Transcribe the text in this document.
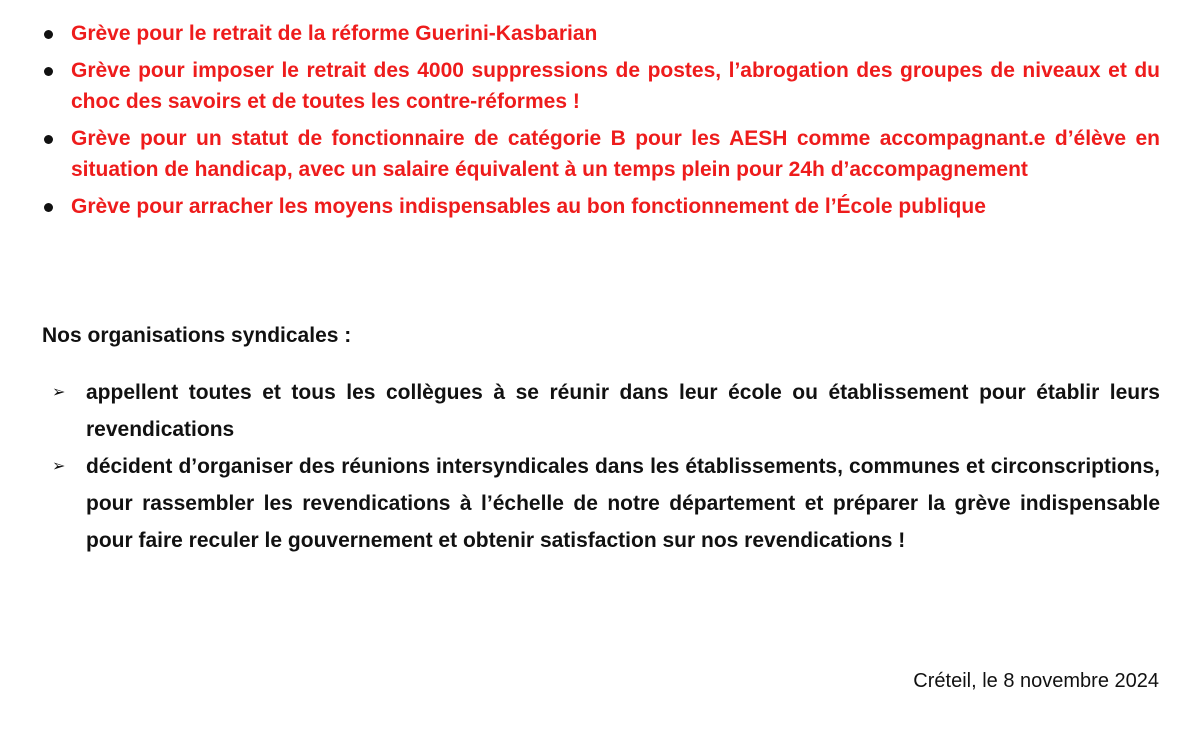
Grève pour le retrait de la réforme Guerini-Kasbarian
Grève pour imposer le retrait des 4000 suppressions de postes, l’abrogation des groupes de niveaux et du choc des savoirs et de toutes les contre-réformes !
Grève pour un statut de fonctionnaire de catégorie B pour les AESH comme accompagnant.e d’élève en situation de handicap, avec un salaire équivalent à un temps plein pour 24h d’accompagnement
Grève pour arracher les moyens indispensables au bon fonctionnement de l’École publique

Nos organisations syndicales :

➢ appellent toutes et tous les collègues à se réunir dans leur école ou établissement pour établir leurs revendications
➢ décident d’organiser des réunions intersyndicales dans les établissements, communes et circonscriptions, pour rassembler les revendications à l’échelle de notre département et préparer la grève indispensable pour faire reculer le gouvernement et obtenir satisfaction sur nos revendications !

Créteil, le 8 novembre 2024
